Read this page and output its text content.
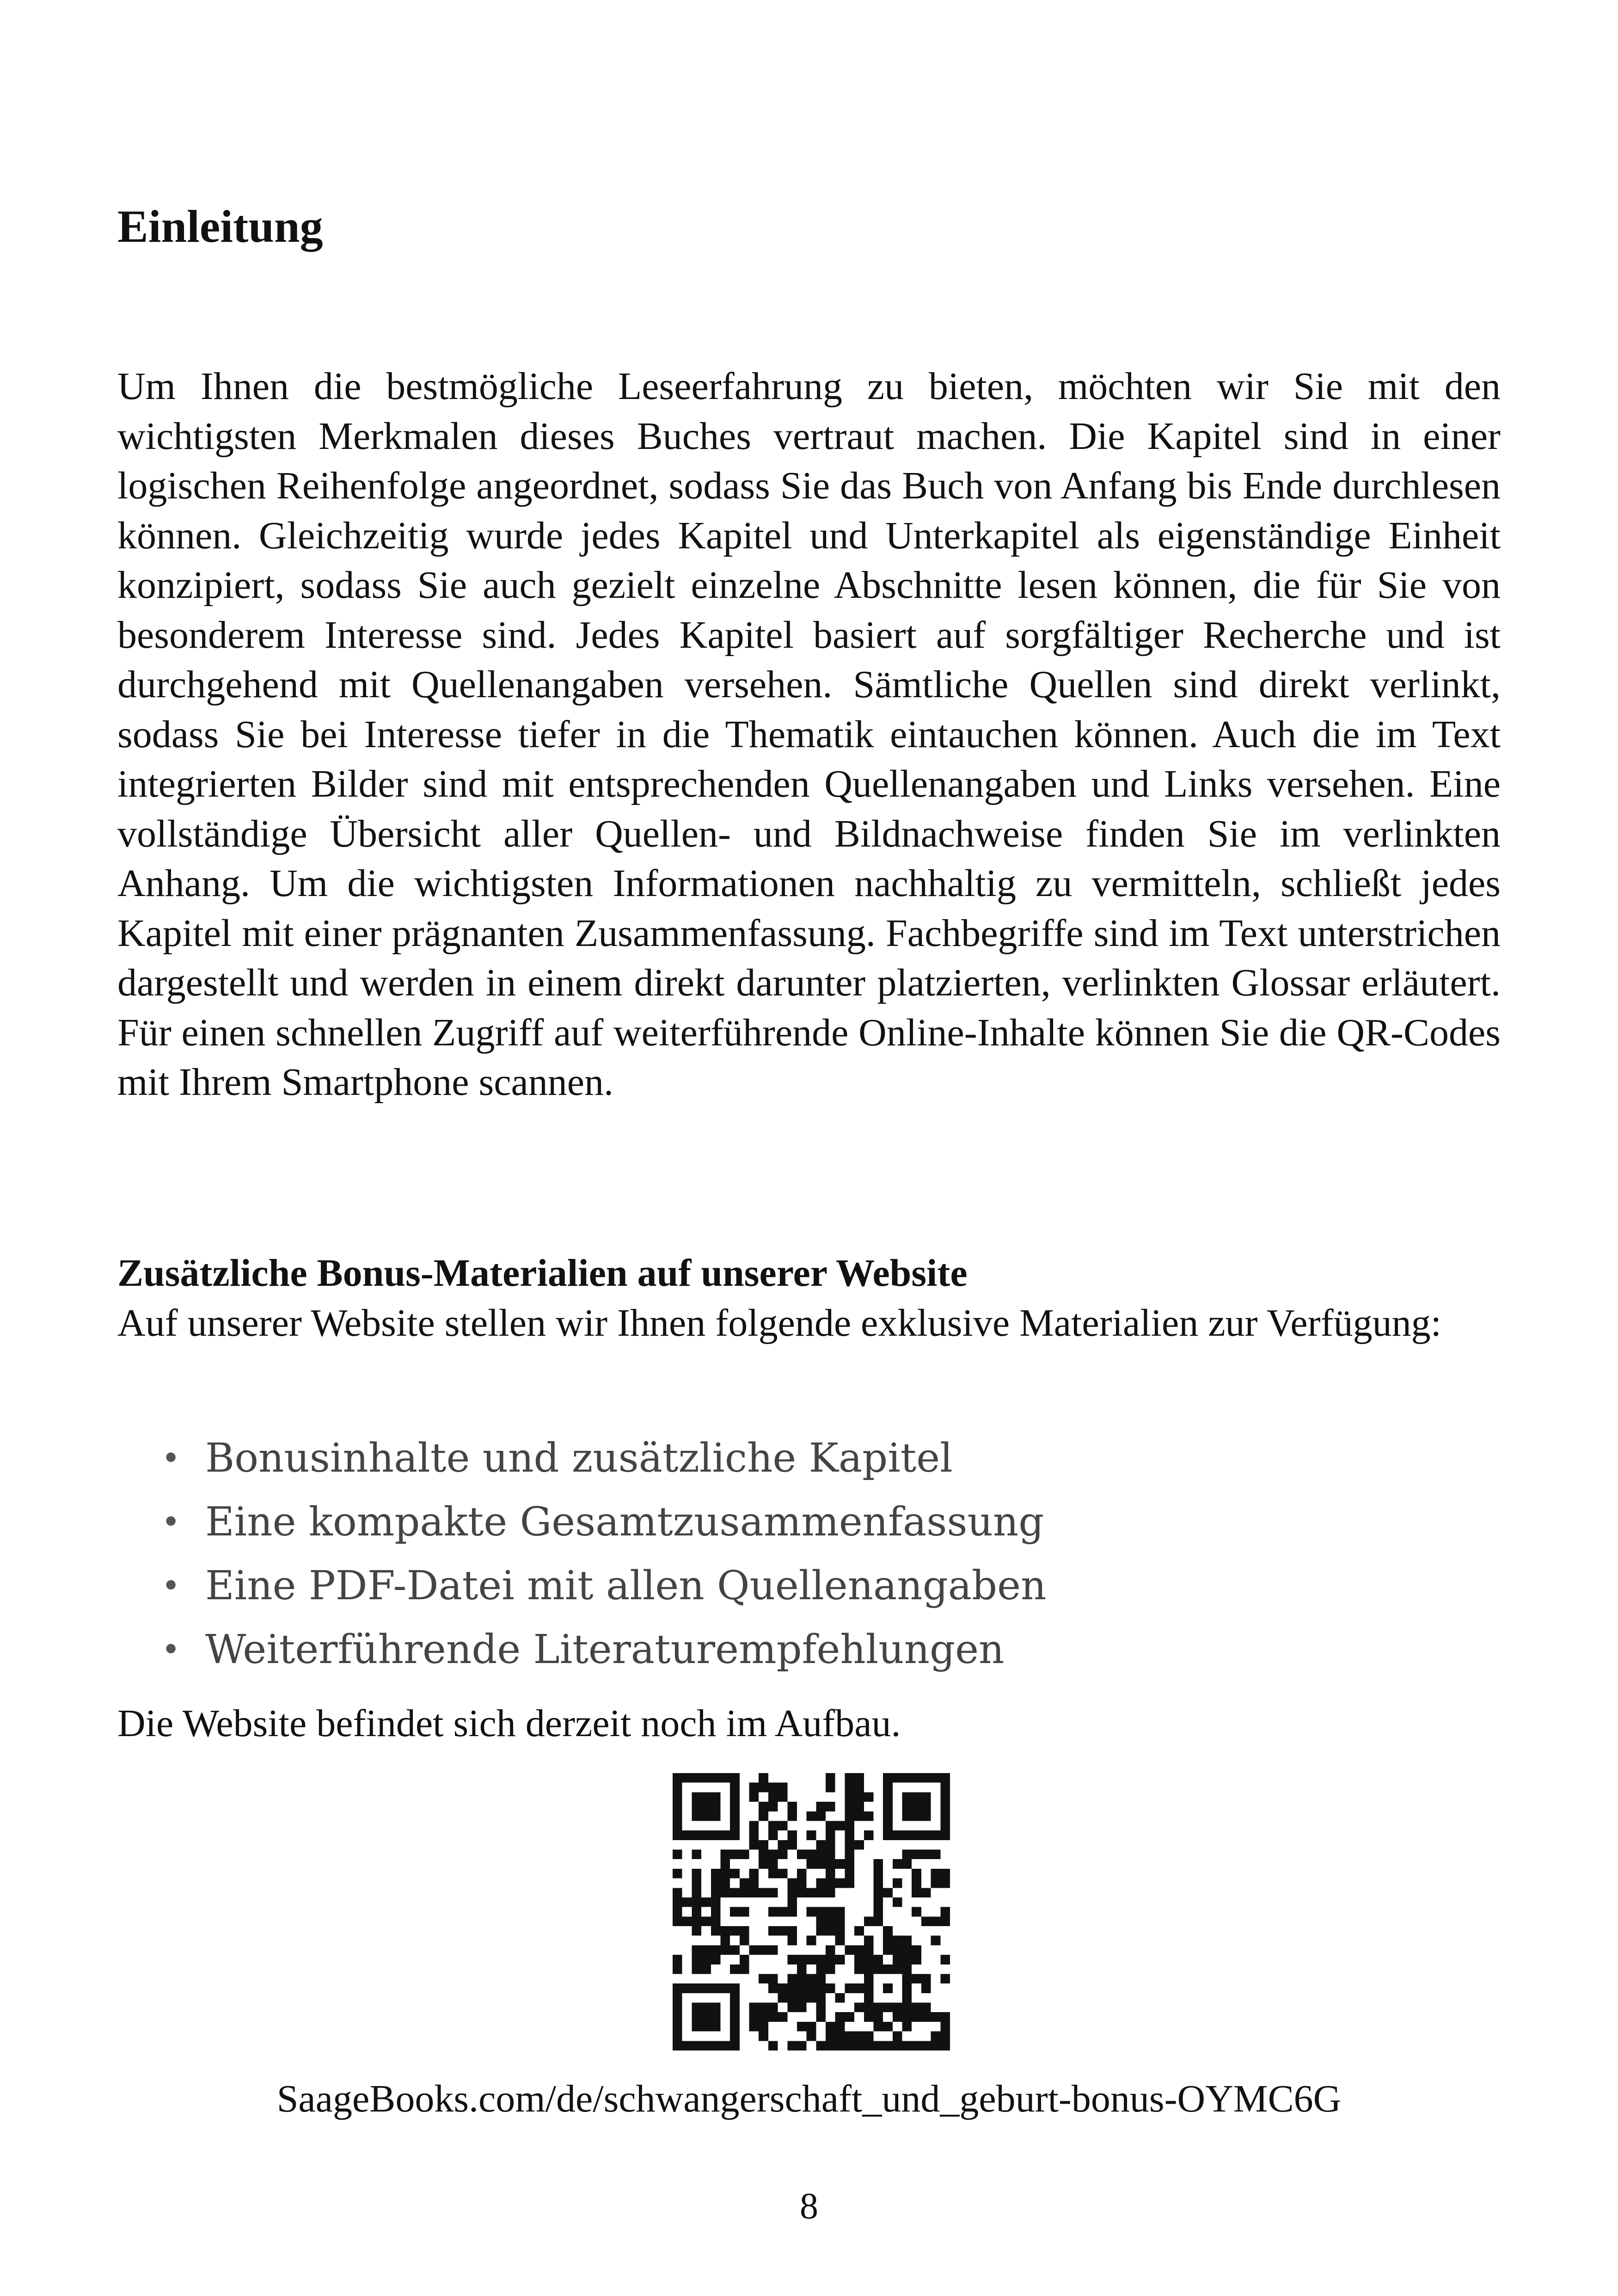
Einleitung

Um Ihnen die bestmögliche Leseerfahrung zu bieten, möchten wir Sie mit den wichtigsten Merkmalen dieses Buches vertraut machen. Die Kapitel sind in einer logischen Reihenfolge angeordnet, sodass Sie das Buch von Anfang bis Ende durchlesen können. Gleichzeitig wurde jedes Kapitel und Unterkapitel als eigenständige Einheit konzipiert, sodass Sie auch gezielt einzelne Abschnitte lesen können, die für Sie von besonderem Interesse sind. Jedes Kapitel basiert auf sorgfältiger Recherche und ist durchgehend mit Quellenangaben versehen. Sämtliche Quellen sind direkt verlinkt, sodass Sie bei Interesse tiefer in die Thematik eintauchen können. Auch die im Text integrierten Bilder sind mit entsprechenden Quellenangaben und Links versehen. Eine vollständige Übersicht aller Quellen- und Bildnachweise finden Sie im verlinkten Anhang. Um die wichtigsten Informationen nachhaltig zu vermitteln, schließt jedes Kapitel mit einer prägnanten Zusammenfassung. Fachbegriffe sind im Text unterstrichen dargestellt und werden in einem direkt darunter platzierten, verlinkten Glossar erläutert. Für einen schnellen Zugriff auf weiterführende Online-Inhalte können Sie die QR-Codes mit Ihrem Smartphone scannen.

Zusätzliche Bonus-Materialien auf unserer Website

Auf unserer Website stellen wir Ihnen folgende exklusive Materialien zur Verfügung:

• Bonusinhalte und zusätzliche Kapitel
• Eine kompakte Gesamtzusammenfassung
• Eine PDF-Datei mit allen Quellenangaben
• Weiterführende Literaturempfehlungen

Die Website befindet sich derzeit noch im Aufbau.

SaageBooks.com/de/schwangerschaft_und_geburt-bonus-OYMC6G

8
